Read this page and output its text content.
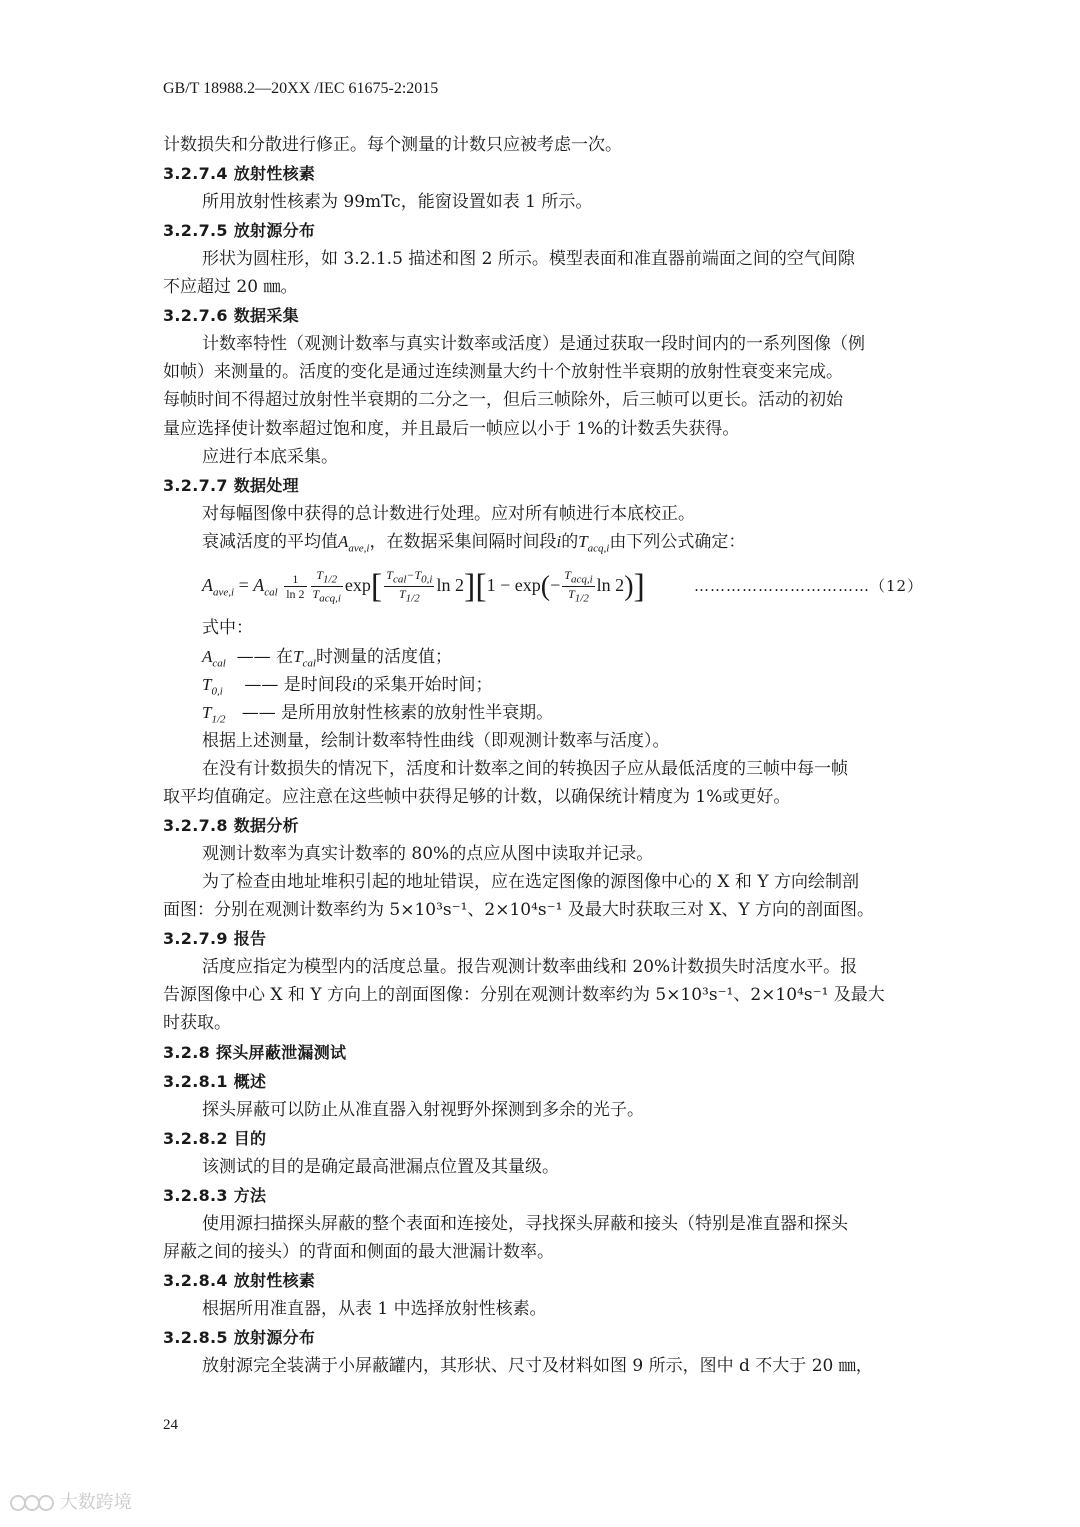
GB/T 18988.2—20XX /IEC 61675-2:2015
计数损失和分散进行修正。每个测量的计数只应被考虑一次。
3.2.7.4 放射性核素
所用放射性核素为 99mTc，能窗设置如表 1 所示。
3.2.7.5 放射源分布
形状为圆柱形，如 3.2.1.5 描述和图 2 所示。模型表面和准直器前端面之间的空气间隙
不应超过 20 ㎜。
3.2.7.6 数据采集
计数率特性（观测计数率与真实计数率或活度）是通过获取一段时间内的一系列图像（例
如帧）来测量的。活度的变化是通过连续测量大约十个放射性半衰期的放射性衰变来完成。
每帧时间不得超过放射性半衰期的二分之一，但后三帧除外，后三帧可以更长。活动的初始
量应选择使计数率超过饱和度，并且最后一帧应以小于 1%的计数丢失获得。
应进行本底采集。
3.2.7.7 数据处理
对每幅图像中获得的总计数进行处理。应对所有帧进行本底校正。
衰减活度的平均值$A_{ave,i}$，在数据采集间隔时间段i的$T_{acq,i}$由下列公式确定：
$A_{ave,i} = A_{cal} \frac{1}{\ln 2} \frac{T_{1/2}}{T_{acq,i}} \exp[ \frac{T_{cal}-T_{0,i}}{T_{1/2}}$ $\ln 2][1 - \exp(- \frac{T_{acq,i}}{T_{1/2}}$ ln 2)]	……………………………（12）
式中：
$A_{cal}$ —— 在$T_{cal}$时测量的活度值；
$T_{0,i}$ —— 是时间段i的采集开始时间；
$T_{1/2}$ —— 是所用放射性核素的放射性半衰期。
根据上述测量，绘制计数率特性曲线（即观测计数率与活度）。
在没有计数损失的情况下，活度和计数率之间的转换因子应从最低活度的三帧中每一帧
取平均值确定。应注意在这些帧中获得足够的计数，以确保统计精度为 1%或更好。
3.2.7.8 数据分析
观测计数率为真实计数率的 80%的点应从图中读取并记录。
为了检查由地址堆积引起的地址错误，应在选定图像的源图像中心的 X 和 Y 方向绘制剖
面图：分别在观测计数率约为 5×10³s⁻¹、2×10⁴s⁻¹ 及最大时获取三对 X、Y 方向的剖面图。
3.2.7.9 报告
活度应指定为模型内的活度总量。报告观测计数率曲线和 20%计数损失时活度水平。报
告源图像中心 X 和 Y 方向上的剖面图像：分别在观测计数率约为 5×10³s⁻¹、2×10⁴s⁻¹ 及最大
时获取。
3.2.8 探头屏蔽泄漏测试
3.2.8.1 概述
探头屏蔽可以防止从准直器入射视野外探测到多余的光子。
3.2.8.2 目的
该测试的目的是确定最高泄漏点位置及其量级。
3.2.8.3 方法
使用源扫描探头屏蔽的整个表面和连接处，寻找探头屏蔽和接头（特别是准直器和探头
屏蔽之间的接头）的背面和侧面的最大泄漏计数率。
3.2.8.4 放射性核素
根据所用准直器，从表 1 中选择放射性核素。
3.2.8.5 放射源分布
放射源完全装满于小屏蔽罐内，其形状、尺寸及材料如图 9 所示，图中 d 不大于 20 ㎜，
24
大数跨境
